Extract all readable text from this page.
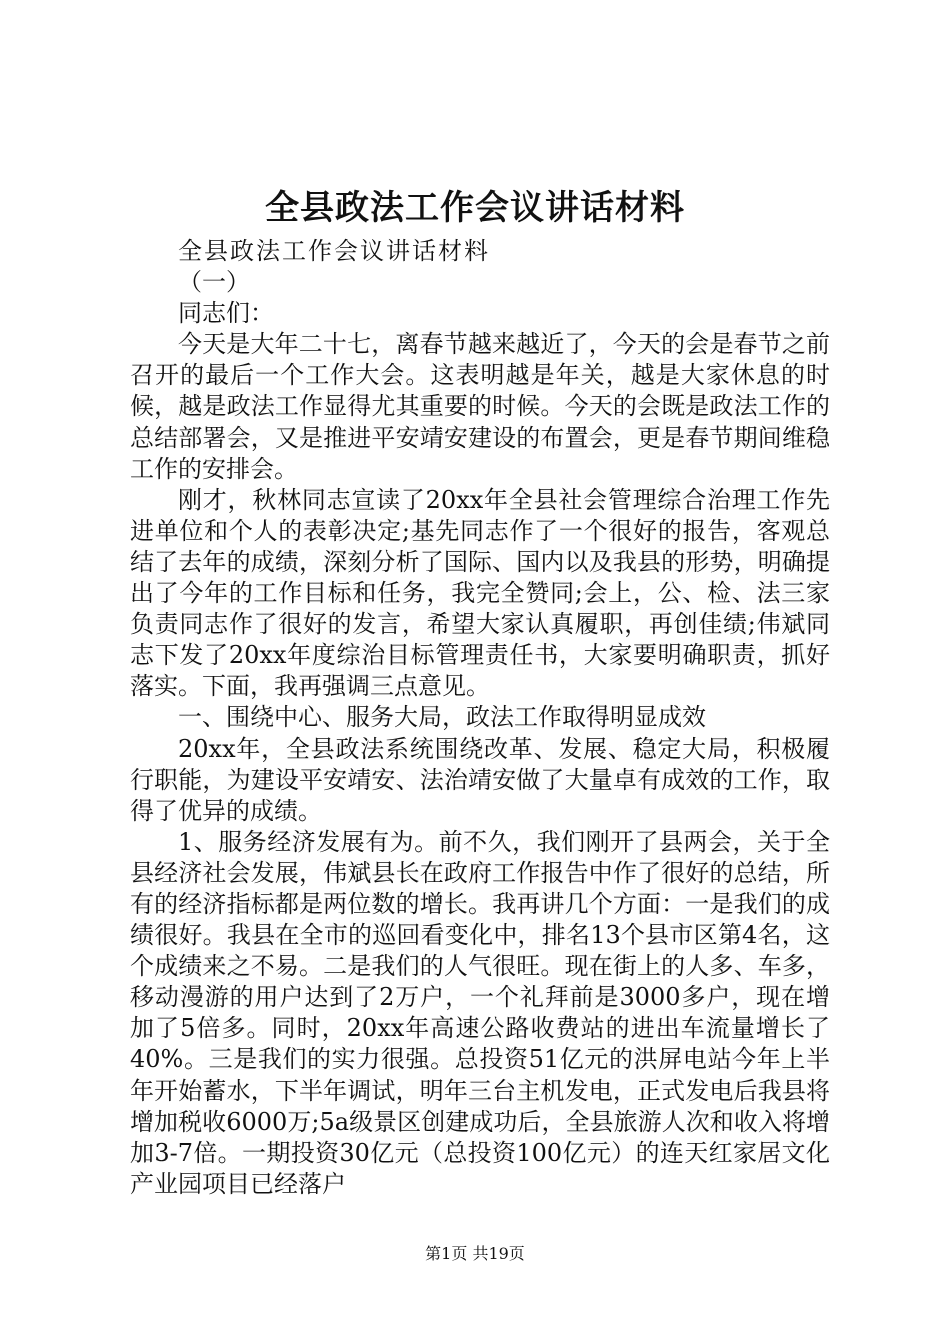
全县政法工作会议讲话材料

全县政法工作会议讲话材料

（一）

同志们：

今天是大年二十七，离春节越来越近了，今天的会是春节之前召开的最后一个工作大会。这表明越是年关，越是大家休息的时候，越是政法工作显得尤其重要的时候。今天的会既是政法工作的总结部署会，又是推进平安靖安建设的布置会，更是春节期间维稳工作的安排会。

刚才，秋林同志宣读了20xx年全县社会管理综合治理工作先进单位和个人的表彰决定;基先同志作了一个很好的报告，客观总结了去年的成绩，深刻分析了国际、国内以及我县的形势，明确提出了今年的工作目标和任务，我完全赞同;会上，公、检、法三家负责同志作了很好的发言，希望大家认真履职，再创佳绩;伟斌同志下发了20xx年度综治目标管理责任书，大家要明确职责，抓好落实。下面，我再强调三点意见。

一、围绕中心、服务大局，政法工作取得明显成效

20xx年，全县政法系统围绕改革、发展、稳定大局，积极履行职能，为建设平安靖安、法治靖安做了大量卓有成效的工作，取得了优异的成绩。

1、服务经济发展有为。前不久，我们刚开了县两会，关于全县经济社会发展，伟斌县长在政府工作报告中作了很好的总结，所有的经济指标都是两位数的增长。我再讲几个方面：一是我们的成绩很好。我县在全市的巡回看变化中，排名13个县市区第4名，这个成绩来之不易。二是我们的人气很旺。现在街上的人多、车多，移动漫游的用户达到了2万户，一个礼拜前是3000多户，现在增加了5倍多。同时，20xx年高速公路收费站的进出车流量增长了40%。三是我们的实力很强。总投资51亿元的洪屏电站今年上半年开始蓄水，下半年调试，明年三台主机发电，正式发电后我县将增加税收6000万;5a级景区创建成功后，全县旅游人次和收入将增加3-7倍。一期投资30亿元（总投资100亿元）的连天红家居文化产业园项目已经落户

第1页 共19页
